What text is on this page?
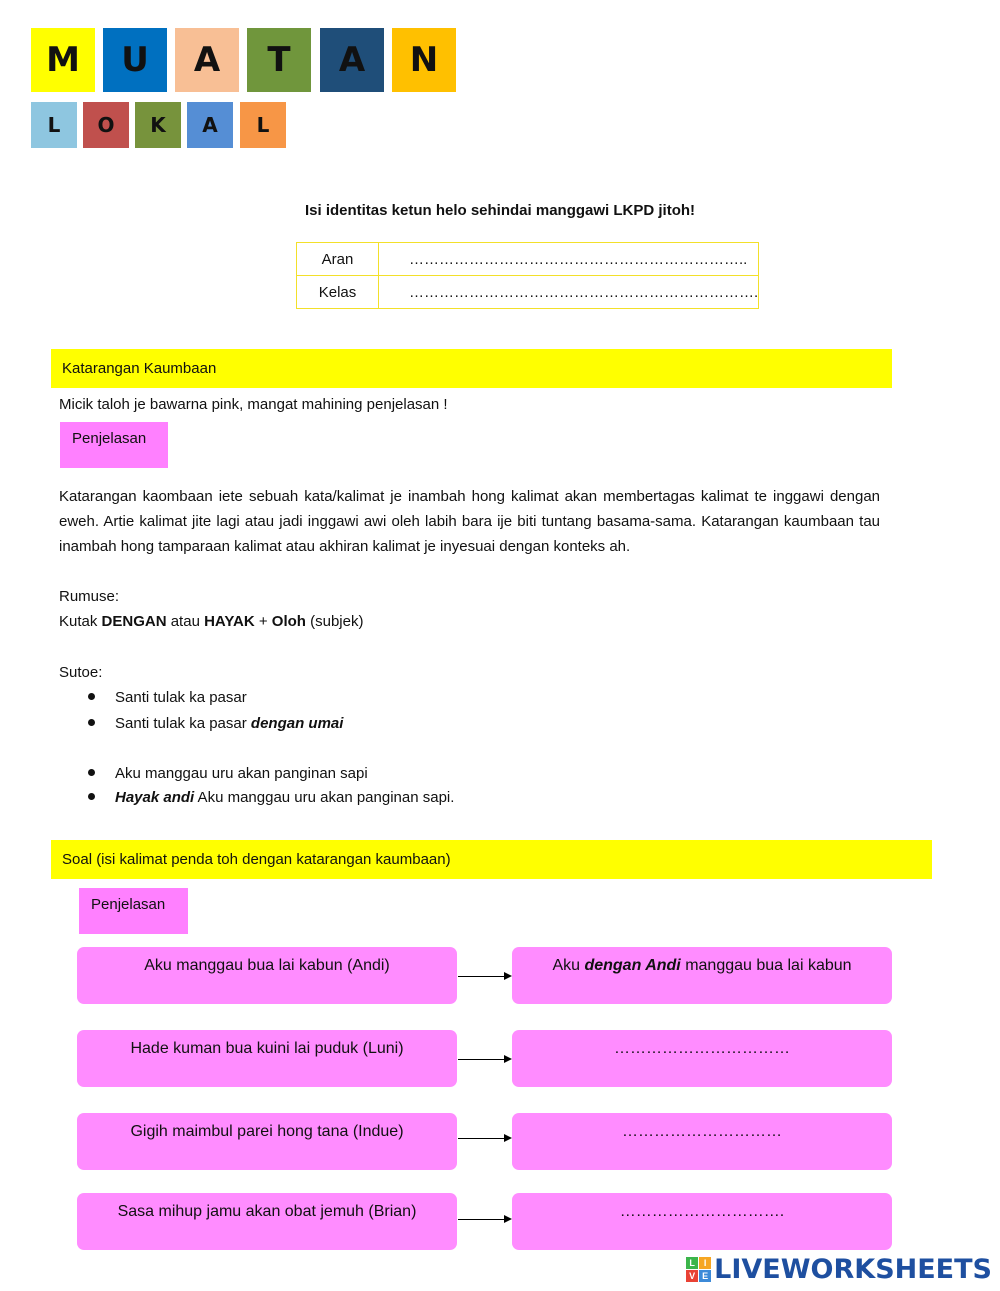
M	U	A	T	A	N
L	O	K	A	L
Isi identitas ketun helo sehindai manggawi LKPD jitoh!
Aran	…………………………………………………………..
Kelas	…………………………………………………………….
Katarangan Kaumbaan
Micik taloh je bawarna pink, mangat mahining penjelasan !
Penjelasan
Katarangan kaombaan iete sebuah kata/kalimat je inambah hong kalimat akan membertagas kalimat te inggawi dengan eweh. Artie kalimat jite lagi atau jadi inggawi awi oleh labih bara ije biti tuntang basama-sama. Katarangan kaumbaan tau inambah hong tamparaan kalimat atau akhiran kalimat je inyesuai dengan konteks ah.
Rumuse:
Kutak DENGAN atau HAYAK + Oloh (subjek)
Sutoe:
Santi tulak ka pasar
Santi tulak ka pasar dengan umai
Aku manggau uru akan panginan sapi
Hayak andi Aku manggau uru akan panginan sapi.
Soal (isi kalimat penda toh dengan katarangan kaumbaan)
Penjelasan
Aku manggau bua lai kabun (Andi)	Aku dengan Andi manggau bua lai kabun
Hade kuman bua kuini lai puduk (Luni)	……………………………
Gigih maimbul parei hong tana (Indue)	…………………………
Sasa mihup jamu akan obat jemuh (Brian)	………………………….
L I
V E LIVEWORKSHEETS
